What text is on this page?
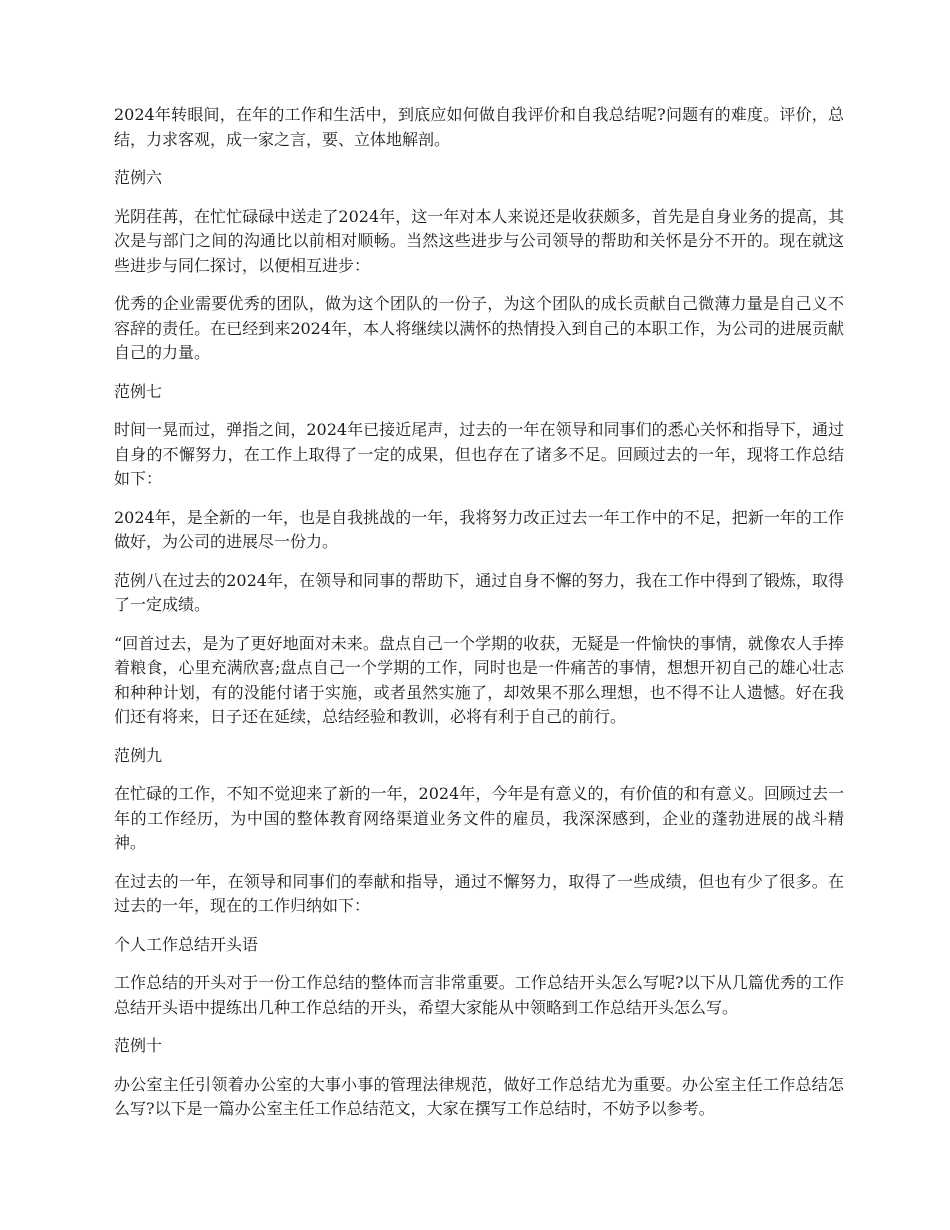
2024年转眼间，在年的工作和生活中，到底应如何做自我评价和自我总结呢?问题有的难度。评价，总结，力求客观，成一家之言，要、立体地解剖。

范例六

光阴荏苒，在忙忙碌碌中送走了2024年，这一年对本人来说还是收获颇多，首先是自身业务的提高，其次是与部门之间的沟通比以前相对顺畅。当然这些进步与公司领导的帮助和关怀是分不开的。现在就这些进步与同仁探讨，以便相互进步：

优秀的企业需要优秀的团队，做为这个团队的一份子，为这个团队的成长贡献自己微薄力量是自己义不容辞的责任。在已经到来2024年，本人将继续以满怀的热情投入到自己的本职工作，为公司的进展贡献自己的力量。

范例七

时间一晃而过，弹指之间，2024年已接近尾声，过去的一年在领导和同事们的悉心关怀和指导下，通过自身的不懈努力，在工作上取得了一定的成果，但也存在了诸多不足。回顾过去的一年，现将工作总结如下：

2024年，是全新的一年，也是自我挑战的一年，我将努力改正过去一年工作中的不足，把新一年的工作做好，为公司的进展尽一份力。

范例八在过去的2024年，在领导和同事的帮助下，通过自身不懈的努力，我在工作中得到了锻炼，取得了一定成绩。

“回首过去，是为了更好地面对未来。盘点自己一个学期的收获，无疑是一件愉快的事情，就像农人手捧着粮食，心里充满欣喜;盘点自己一个学期的工作，同时也是一件痛苦的事情，想想开初自己的雄心壮志和种种计划，有的没能付诸于实施，或者虽然实施了，却效果不那么理想，也不得不让人遗憾。好在我们还有将来，日子还在延续，总结经验和教训，必将有利于自己的前行。

范例九

在忙碌的工作，不知不觉迎来了新的一年，2024年，今年是有意义的，有价值的和有意义。回顾过去一年的工作经历，为中国的整体教育网络渠道业务文件的雇员，我深深感到，企业的蓬勃进展的战斗精神。

在过去的一年，在领导和同事们的奉献和指导，通过不懈努力，取得了一些成绩，但也有少了很多。在过去的一年，现在的工作归纳如下：

个人工作总结开头语

工作总结的开头对于一份工作总结的整体而言非常重要。工作总结开头怎么写呢?以下从几篇优秀的工作总结开头语中提练出几种工作总结的开头，希望大家能从中领略到工作总结开头怎么写。

范例十

办公室主任引领着办公室的大事小事的管理法律规范，做好工作总结尤为重要。办公室主任工作总结怎么写?以下是一篇办公室主任工作总结范文，大家在撰写工作总结时，不妨予以参考。
